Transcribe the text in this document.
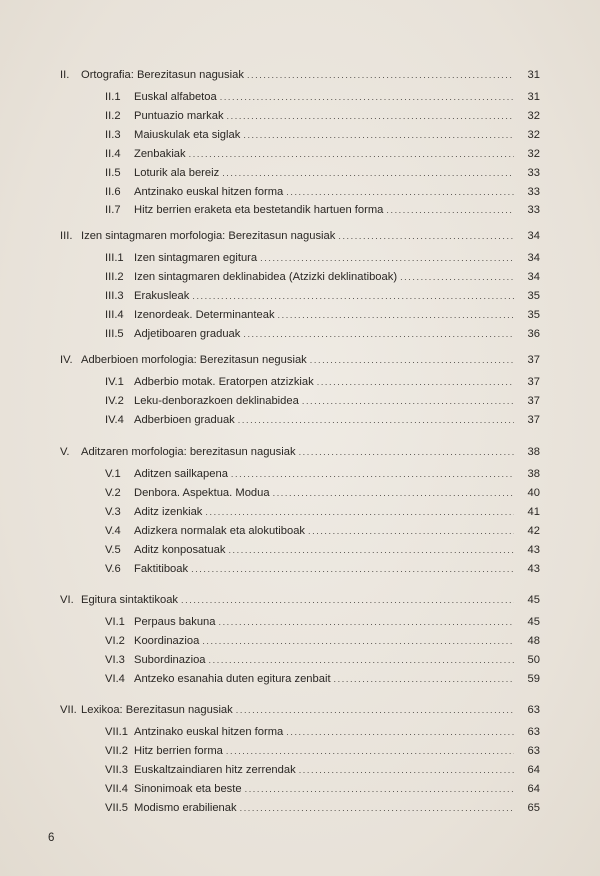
II.	Ortografia: Berezitasun nagusiak .....	31
II.1	Euskal alfabetoa .....	31
II.2	Puntuazio markak .....	32
II.3	Maiuskulak eta siglak .....	32
II.4	Zenbakiak .....	32
II.5	Loturik ala bereiz .....	33
II.6	Antzinako euskal hitzen forma .....	33
II.7	Hitz berrien eraketa eta bestetandik hartuen forma .....	33
III. Izen sintagmaren morfologia: Berezitasun nagusiak .....	34
III.1 Izen sintagmaren egitura .....	34
III.2 Izen sintagmaren deklinabidea (Atzizki deklinatiboak) .....	34
III.3 Erakusleak .....	35
III.4 Izenordeak. Determinanteak .....	35
III.5 Adjetiboaren graduak .....	36
IV. Adberbioen morfologia: Berezitasun negusiak .....	37
IV.1 Adberbio motak. Eratorpen atzizkiak .....	37
IV.2 Leku-denborazkoen deklinabidea .....	37
IV.4 Adberbioen graduak .....	37
V.	Aditzaren morfologia: berezitasun nagusiak .....	38
V.1	Aditzen sailkapena .....	38
V.2	Denbora. Aspektua. Modua .....	40
V.3	Aditz izenkiak .....	41
V.4	Adizkera normalak eta alokutiboak .....	42
V.5	Aditz konposatuak .....	43
V.6	Faktitiboak .....	43
VI. Egitura sintaktikoak .....	45
VI.1 Perpaus bakuna .....	45
VI.2 Koordinazioa .....	48
VI.3 Subordinazioa .....	50
VI.4 Antzeko esanahia duten egitura zenbait .....	59
VII. Lexikoa: Berezitasun nagusiak .....	63
VII.1 Antzinako euskal hitzen forma .....	63
VII.2 Hitz berrien forma .....	63
VII.3 Euskaltzaindiaren hitz zerrendak .....	64
VII.4 Sinonimoak eta beste .....	64
VII.5 Modismo erabilienak .....	65
6
